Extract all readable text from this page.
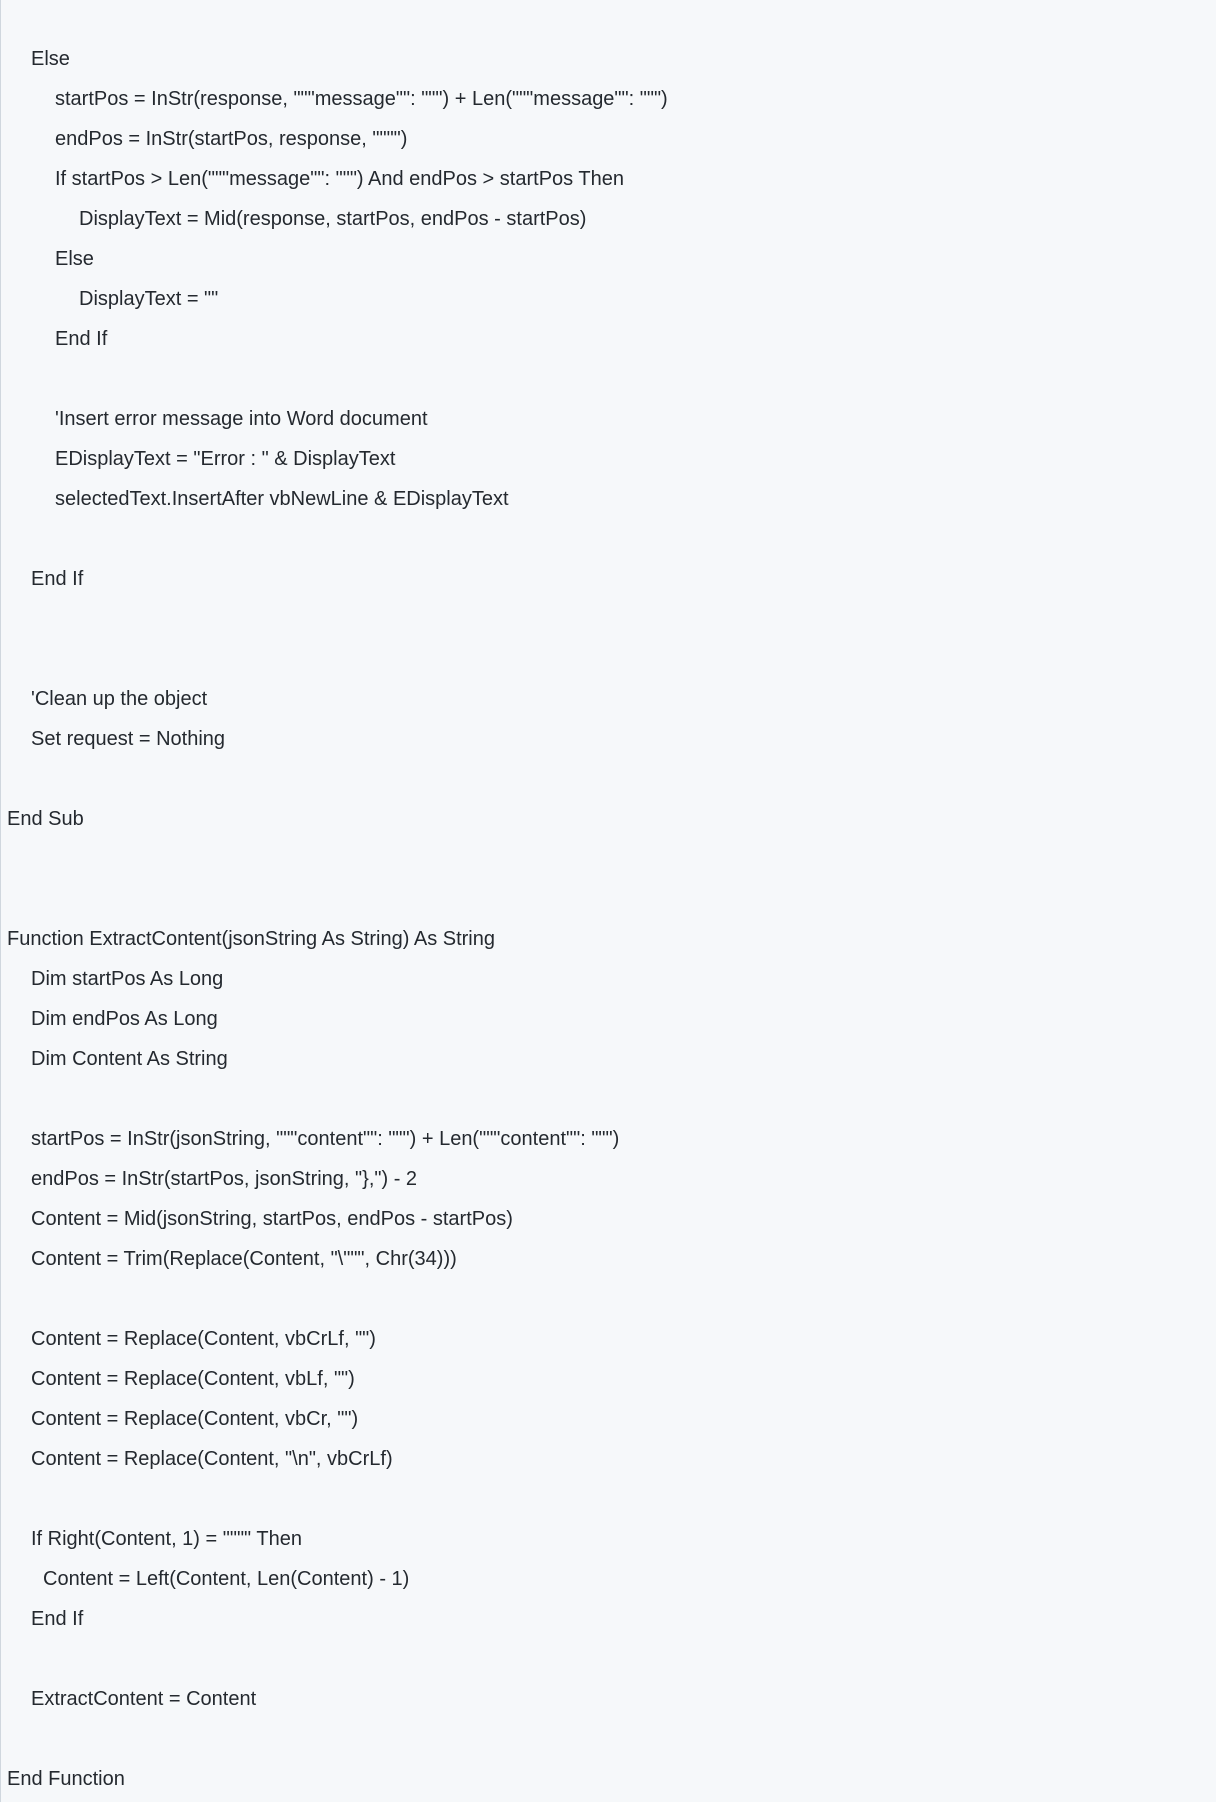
Else
startPos = InStr(response, """message"": """) + Len("""message"": """)
endPos = InStr(startPos, response, """")
If startPos > Len("""message"": """) And endPos > startPos Then
DisplayText = Mid(response, startPos, endPos - startPos)
Else
DisplayText = ""
End If
'Insert error message into Word document
EDisplayText = "Error : " & DisplayText
selectedText.InsertAfter vbNewLine & EDisplayText
End If
'Clean up the object
Set request = Nothing
End Sub
Function ExtractContent(jsonString As String) As String
Dim startPos As Long
Dim endPos As Long
Dim Content As String
startPos = InStr(jsonString, """content"": """) + Len("""content"": """)
endPos = InStr(startPos, jsonString, "},") - 2
Content = Mid(jsonString, startPos, endPos - startPos)
Content = Trim(Replace(Content, "\""", Chr(34)))
Content = Replace(Content, vbCrLf, "")
Content = Replace(Content, vbLf, "")
Content = Replace(Content, vbCr, "")
Content = Replace(Content, "\n", vbCrLf)
If Right(Content, 1) = """" Then
Content = Left(Content, Len(Content) - 1)
End If
ExtractContent = Content
End Function
